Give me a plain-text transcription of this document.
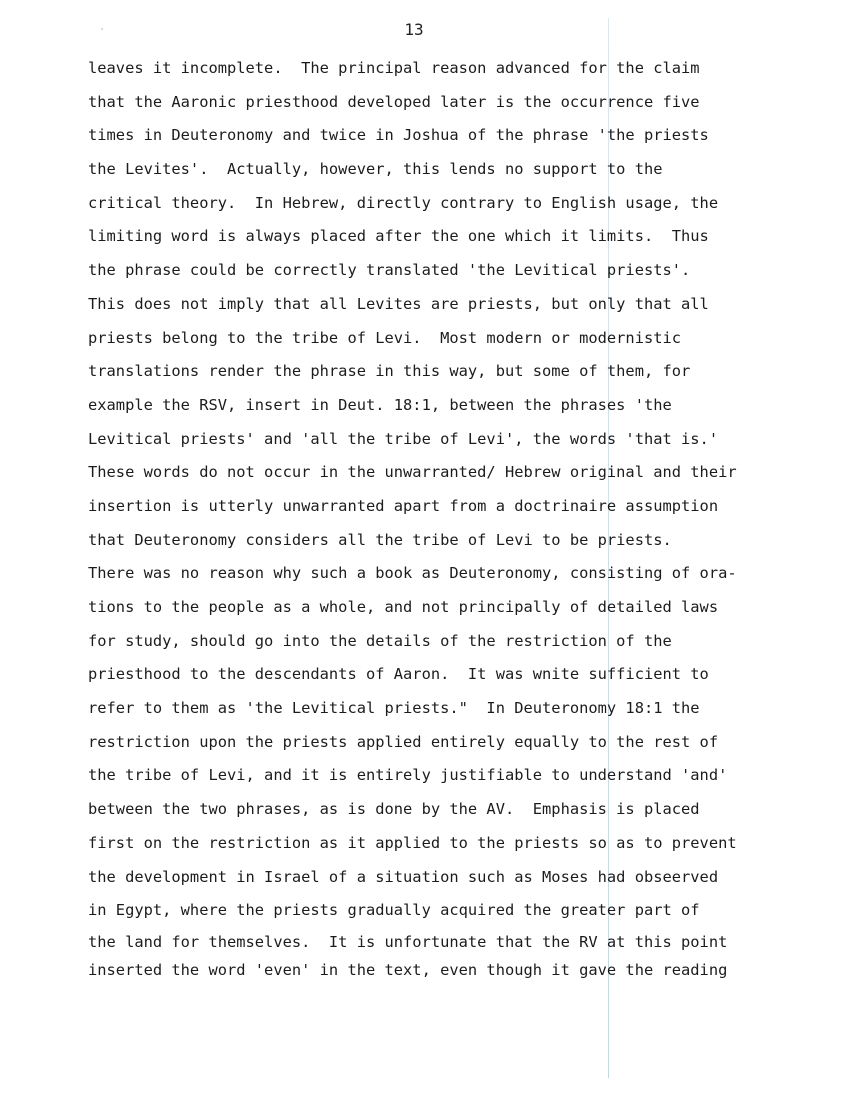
13
leaves it incomplete.  The principal reason advanced for the claim
that the Aaronic priesthood developed later is the occurrence five
times in Deuteronomy and twice in Joshua of the phrase 'the priests
the Levites'.  Actually, however, this lends no support to the
critical theory.  In Hebrew, directly contrary to English usage, the
limiting word is always placed after the one which it limits.  Thus
the phrase could be correctly translated 'the Levitical priests'.
This does not imply that all Levites are priests, but only that all
priests belong to the tribe of Levi.  Most modern or modernistic
translations render the phrase in this way, but some of them, for
example the RSV, insert in Deut. 18:1, between the phrases 'the
Levitical priests' and 'all the tribe of Levi', the words 'that is.'
These words do not occur in the unwarranted/ Hebrew original and their
insertion is utterly unwarranted apart from a doctrinaire assumption
that Deuteronomy considers all the tribe of Levi to be priests.
There was no reason why such a book as Deuteronomy, consisting of ora-
tions to the people as a whole, and not principally of detailed laws
for study, should go into the details of the restriction of the
priesthood to the descendants of Aaron.  It was wnite sufficient to
refer to them as 'the Levitical priests."  In Deuteronomy 18:1 the
restriction upon the priests applied entirely equally to the rest of
the tribe of Levi, and it is entirely justifiable to understand 'and'
between the two phrases, as is done by the AV.  Emphasis is placed
first on the restriction as it applied to the priests so as to prevent
the development in Israel of a situation such as Moses had obseerved
in Egypt, where the priests gradually acquired the greater part of
the land for themselves.  It is unfortunate that the RV at this point
inserted the word 'even' in the text, even though it gave the reading
